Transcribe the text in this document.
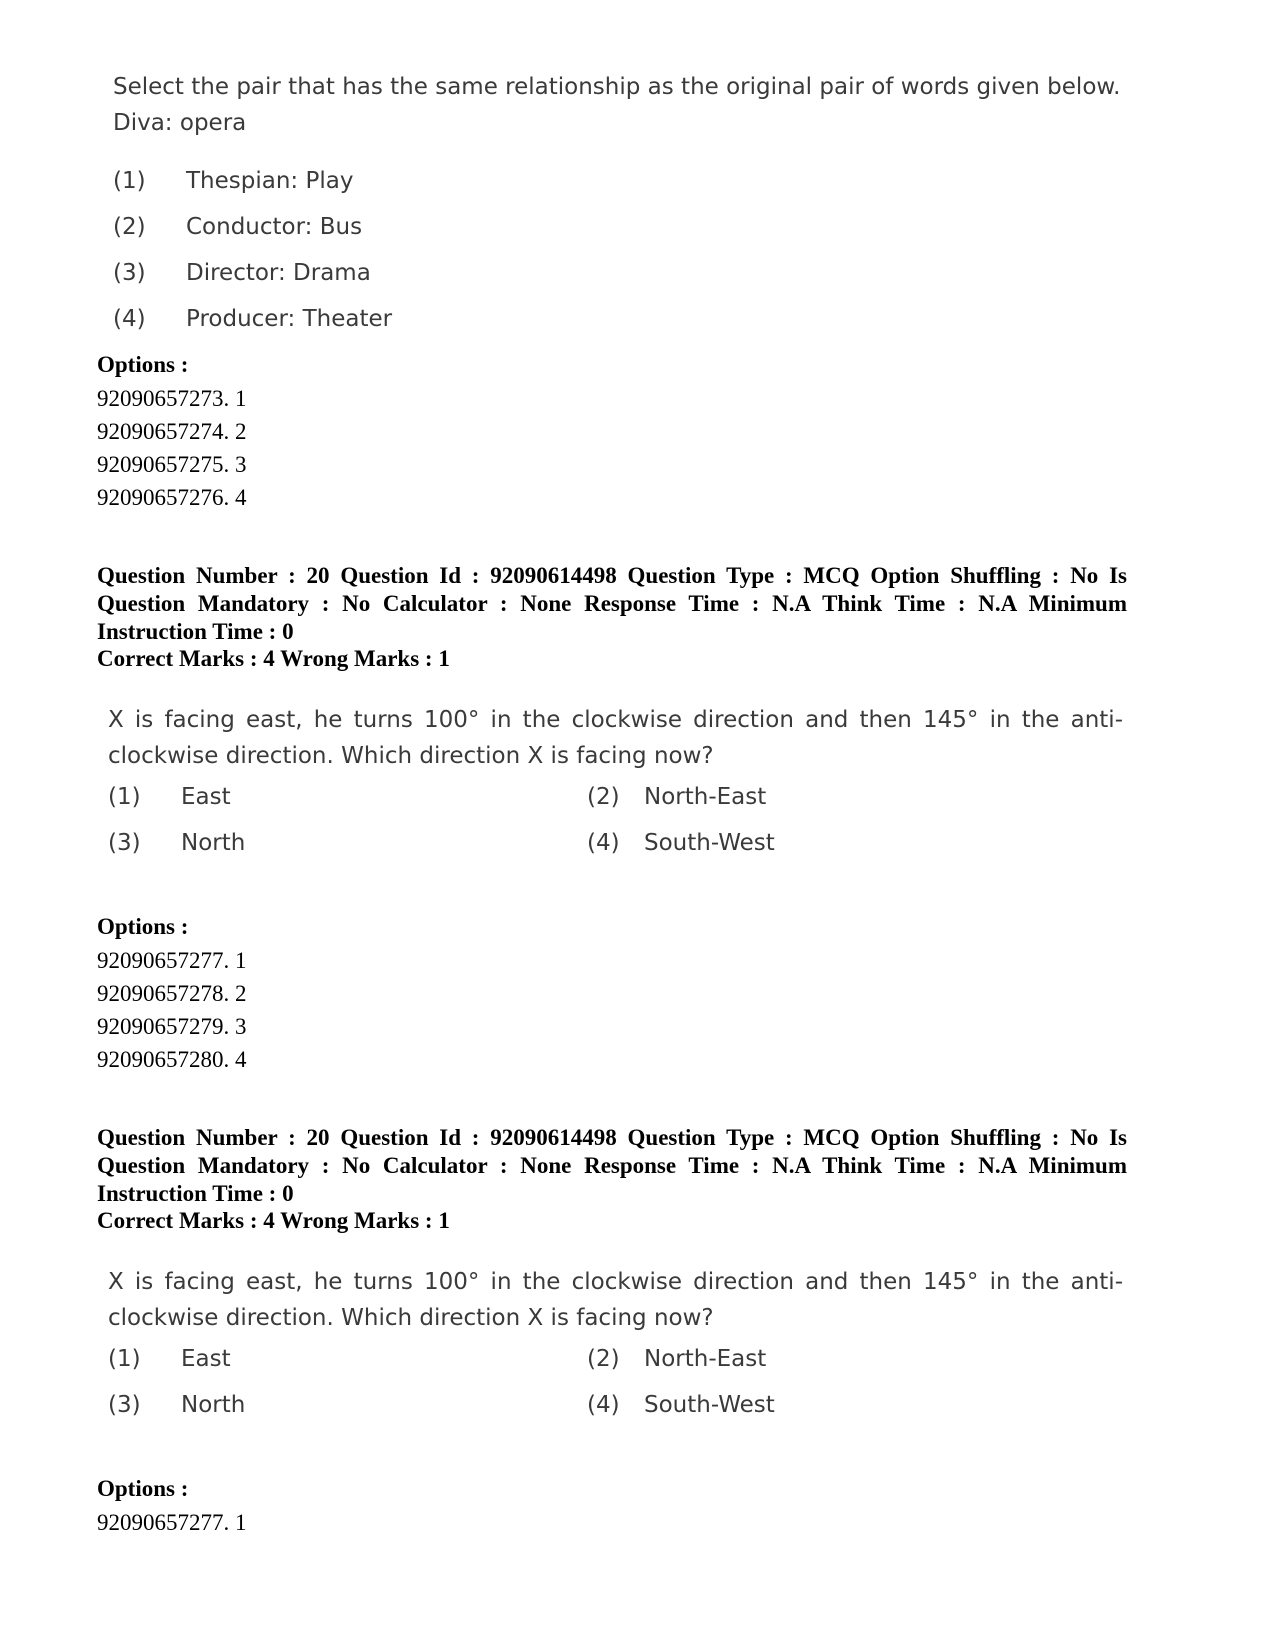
Select the pair that has the same relationship as the original pair of words given below.

Diva: opera

(1) Thespian: Play
(2) Conductor: Bus
(3) Director: Drama
(4) Producer: Theater
Options :
92090657273. 1
92090657274. 2
92090657275. 3
92090657276. 4

Question Number : 20 Question Id : 92090614498 Question Type : MCQ Option Shuffling : No Is Question Mandatory : No Calculator : None Response Time : N.A Think Time : N.A Minimum Instruction Time : 0

Correct Marks : 4 Wrong Marks : 1

X is facing east, he turns 100° in the clockwise direction and then 145° in the anti-clockwise direction. Which direction X is facing now?

(1) East	(2) North-East
(3) North	(4) South-West
Options :
92090657277. 1
92090657278. 2
92090657279. 3
92090657280. 4

Question Number : 20 Question Id : 92090614498 Question Type : MCQ Option Shuffling : No Is Question Mandatory : No Calculator : None Response Time : N.A Think Time : N.A Minimum Instruction Time : 0

Correct Marks : 4 Wrong Marks : 1

X is facing east, he turns 100° in the clockwise direction and then 145° in the anti-clockwise direction. Which direction X is facing now?

(1) East	(2) North-East
(3) North	(4) South-West
Options :
92090657277. 1
